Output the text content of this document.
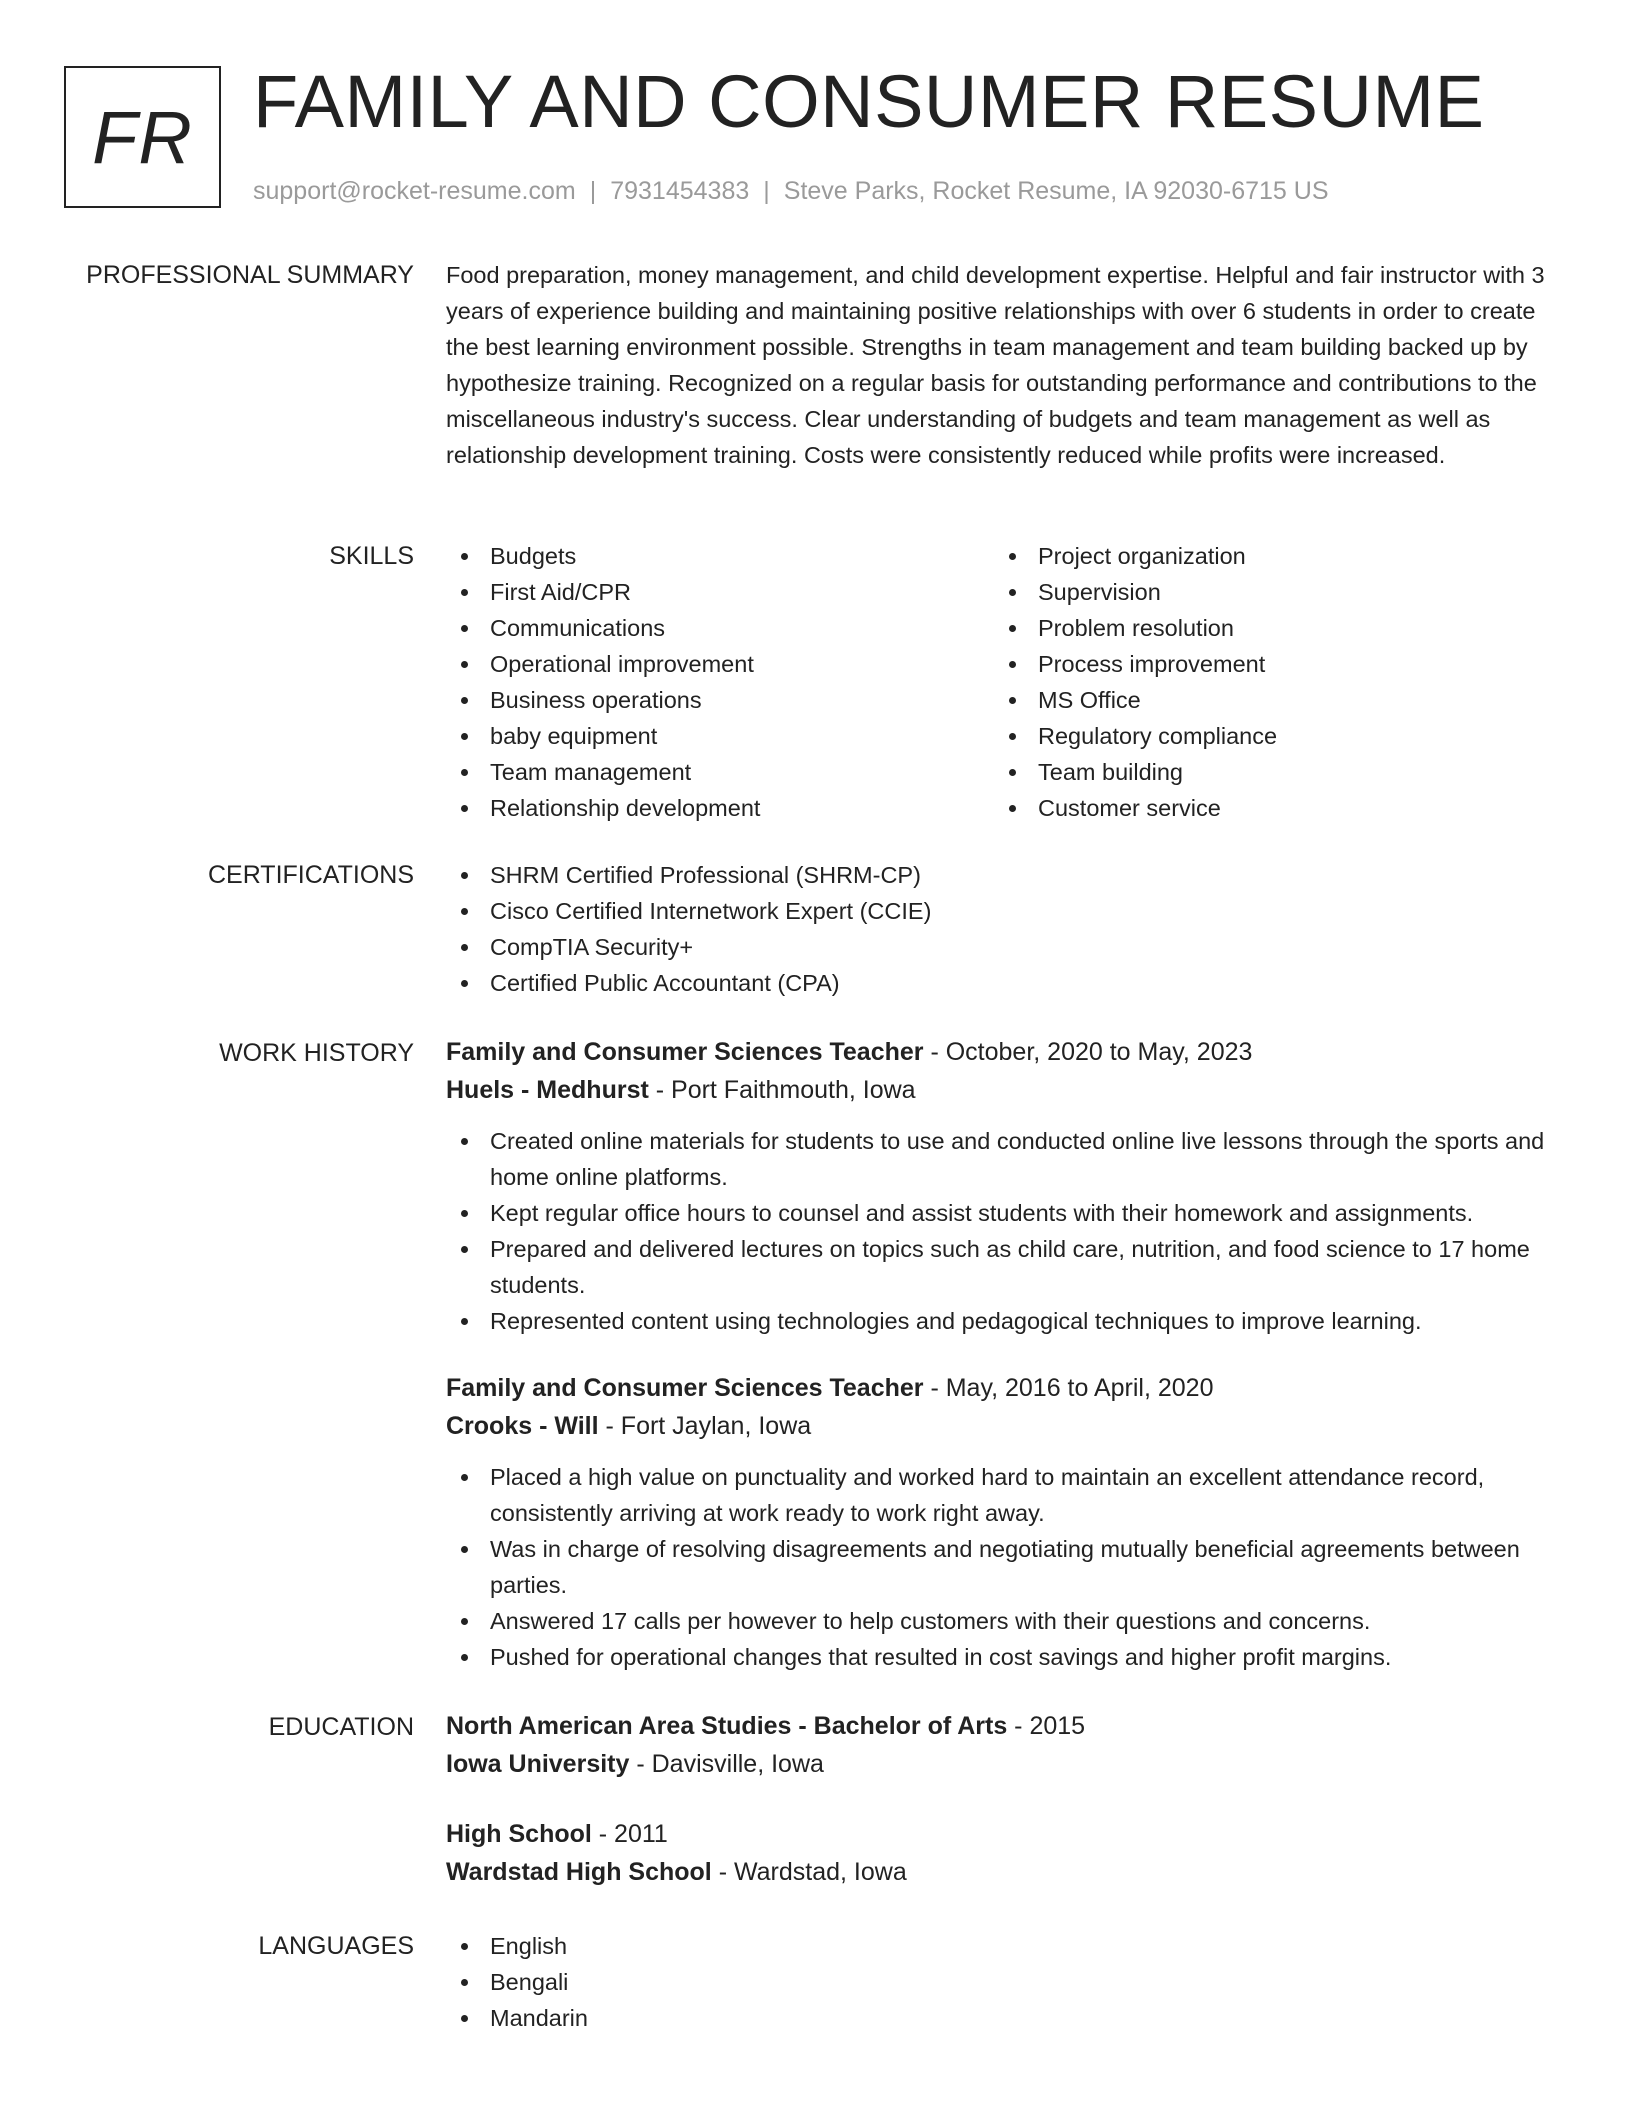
FR FAMILY AND CONSUMER RESUME
support@rocket-resume.com | 7931454383 | Steve Parks, Rocket Resume, IA 92030-6715 US
PROFESSIONAL SUMMARY Food preparation, money management, and child development expertise. Helpful and fair instructor with 3 years of experience building and maintaining positive relationships with over 6 students in order to create the best learning environment possible. Strengths in team management and team building backed up by hypothesize training. Recognized on a regular basis for outstanding performance and contributions to the miscellaneous industry's success. Clear understanding of budgets and team management as well as relationship development training. Costs were consistently reduced while profits were increased.

SKILLS	Budgets
First Aid/CPR
Communications
Operational improvement
Business operations
baby equipment
Team management
Relationship development
Project organization
Supervision
Problem resolution
Process improvement
MS Office
Regulatory compliance
Team building
Customer service
CERTIFICATIONS	SHRM Certified Professional (SHRM-CP)
Cisco Certified Internetwork Expert (CCIE)
CompTIA Security+
Certified Public Accountant (CPA)
WORK HISTORY Family and Consumer Sciences Teacher - October, 2020 to May, 2023
Huels - Medhurst - Port Faithmouth, Iowa
Created online materials for students to use and conducted online live lessons through the sports and home online platforms.
Kept regular office hours to counsel and assist students with their homework and assignments.
Prepared and delivered lectures on topics such as child care, nutrition, and food science to 17 home students.
Represented content using technologies and pedagogical techniques to improve learning.
Family and Consumer Sciences Teacher - May, 2016 to April, 2020
Crooks - Will - Fort Jaylan, Iowa
Placed a high value on punctuality and worked hard to maintain an excellent attendance record, consistently arriving at work ready to work right away.
Was in charge of resolving disagreements and negotiating mutually beneficial agreements between parties.
Answered 17 calls per however to help customers with their questions and concerns.
Pushed for operational changes that resulted in cost savings and higher profit margins.
EDUCATION North American Area Studies - Bachelor of Arts - 2015
Iowa University - Davisville, Iowa
High School - 2011
Wardstad High School - Wardstad, Iowa
LANGUAGES	English
Bengali
Mandarin
